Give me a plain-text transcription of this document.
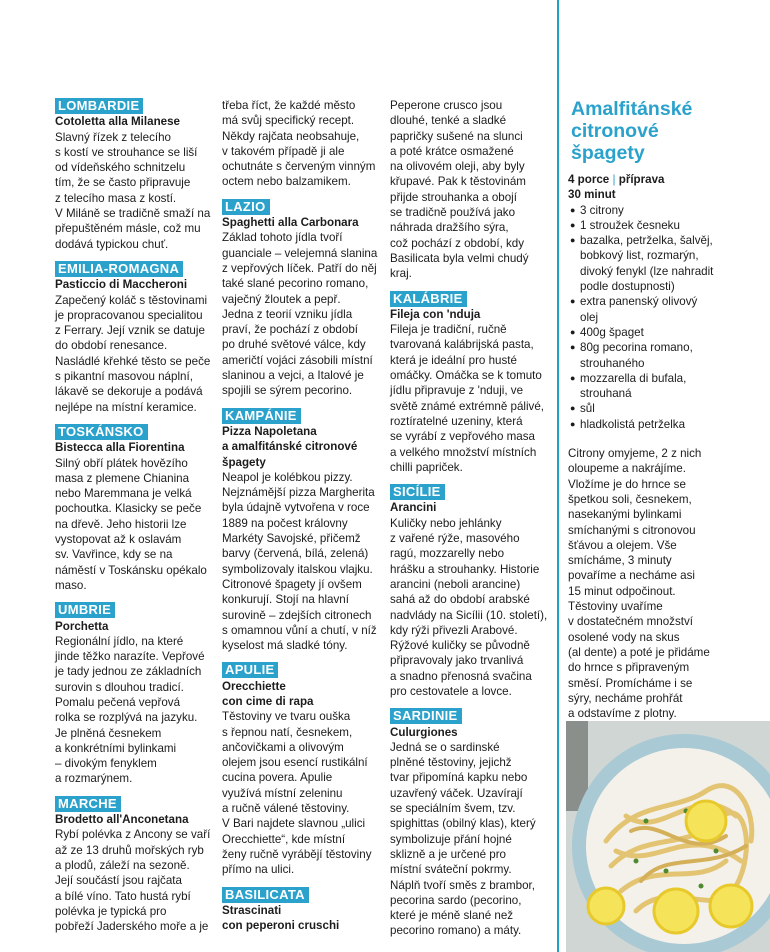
LOMBARDIE

Cotoletta alla Milanese

Slavný řízek z telecího
s kostí ve strouhance se liší
od vídeňského schnitzelu
tím, že se často připravuje
z telecího masa z kostí.
V Miláně se tradičně smaží na
přepuštěném másle, což mu
dodává typickou chuť.

EMILIA-ROMAGNA

Pasticcio di Maccheroni

Zapečený koláč s těstovinami
je propracovanou specialitou
z Ferrary. Její vznik se datuje
do období renesance.
Nasládlé křehké těsto se peče
s pikantní masovou náplní,
lákavě se dekoruje a podává
nejlépe na místní keramice.

TOSKÁNSKO

Bistecca alla Fiorentina

Silný obří plátek hovězího
masa z plemene Chianina
nebo Maremmana je velká
pochoutka. Klasicky se peče
na dřevě. Jeho historii lze
vystopovat až k oslavám
sv. Vavřince, kdy se na
náměstí v Toskánsku opékalo
maso.

UMBRIE

Porchetta

Regionální jídlo, na které
jinde těžko narazíte. Vepřové
je tady jednou ze základních
surovin s dlouhou tradicí.
Pomalu pečená vepřová
rolka se rozplývá na jazyku.
Je plněná česnekem
a konkrétními bylinkami
– divokým fenyklem
a rozmarýnem.

MARCHE

Brodetto all'Anconetana

Rybí polévka z Ancony se vaří
až ze 13 druhů mořských ryb
a plodů, záleží na sezoně.
Její součástí jsou rajčata
a bílé víno. Tato hustá rybí
polévka je typická pro
pobřeží Jaderského moře a je

třeba říct, že každé město
má svůj specifický recept.
Někdy rajčata neobsahuje,
v takovém případě ji ale
ochutnáte s červeným vinným
octem nebo balzamikem.

LAZIO

Spaghetti alla Carbonara

Základ tohoto jídla tvoří
guanciale – velejemná slanina
z vepřových líček. Patří do něj
také slané pecorino romano,
vaječný žloutek a pepř.
Jedna z teorií vzniku jídla
praví, že pochází z období
po druhé světové válce, kdy
američtí vojáci zásobili místní
slaninou a vejci, a Italové je
spojili se sýrem pecorino.

KAMPÁNIE

Pizza Napoletana
a amalfitánské citronové
špagety

Neapol je kolébkou pizzy.
Nejznámější pizza Margherita
byla údajně vytvořena v roce
1889 na počest královny
Markéty Savojské, přičemž
barvy (červená, bílá, zelená)
symbolizovaly italskou vlajku.
Citronové špagety jí ovšem
konkurují. Stojí na hlavní
surovině – zdejších citronech
s omamnou vůní a chutí, v níž
kyselost má sladké tóny.

APULIE

Orecchiette
con cime di rapa

Těstoviny ve tvaru ouška
s řepnou natí, česnekem,
ančovičkami a olivovým
olejem jsou esencí rustikální
cucina povera. Apulie
využívá místní zeleninu
a ručně válené těstoviny.
V Bari najdete slavnou „ulici
Orecchiette“, kde místní
ženy ručně vyrábějí těstoviny
přímo na ulici.

BASILICATA

Strascinati
con peperoni cruschi

Peperone crusco jsou
dlouhé, tenké a sladké
papričky sušené na slunci
a poté krátce osmažené
na olivovém oleji, aby byly
křupavé. Pak k těstovinám
přijde strouhanka a obojí
se tradičně používá jako
náhrada dražšího sýra,
což pochází z období, kdy
Basilicata byla velmi chudý
kraj.

KALÁBRIE

Fileja con 'nduja

Fileja je tradiční, ručně
tvarovaná kalábrijská pasta,
která je ideální pro husté
omáčky. Omáčka se k tomuto
jídlu připravuje z 'nduji, ve
světě známé extrémně pálivé,
roztíratelné uzeniny, která
se vyrábí z vepřového masa
a velkého množství místních
chilli papriček.

SICÍLIE

Arancini

Kuličky nebo jehlánky
z vařené rýže, masového
ragú, mozzarelly nebo
hrášku a strouhanky. Historie
arancini (neboli arancine)
sahá až do období arabské
nadvlády na Sicílii (10. století),
kdy rýži přivezli Arabové.
Rýžové kuličky se původně
připravovaly jako trvanlivá
a snadno přenosná svačina
pro cestovatele a lovce.

SARDINIE

Culurgiones

Jedná se o sardinské
plněné těstoviny, jejichž
tvar připomíná kapku nebo
uzavřený váček. Uzavírají
se speciálním švem, tzv.
spighittas (obilný klas), který
symbolizuje přání hojné
sklizně a je určené pro
místní sváteční pokrmy.
Náplň tvoří směs z brambor,
pecorina sardo (pecorino,
které je méně slané než
pecorino romano) a máty.

Amalfitánské
citronové
špagety

4 porce | příprava
30 minut

● 3 citrony
● 1 stroužek česneku
● bazalka, petrželka, šalvěj,
bobkový list, rozmarýn,
divoký fenykl (lze nahradit
podle dostupnosti)
● extra panenský olivový
olej
● 400g špaget
● 80g pecorina romano,
strouhaného
● mozzarella di bufala,
strouhaná
● sůl
● hladkolistá petrželka

Citrony omyjeme, 2 z nich
oloupeme a nakrájíme.
Vložíme je do hrnce se
špetkou soli, česnekem,
nasekanými bylinkami
smíchanými s citronovou
šťávou a olejem. Vše
smícháme, 3 minuty
povaříme a necháme asi
15 minut odpočinout.
Těstoviny uvaříme
v dostatečném množství
osolené vody na skus
(al dente) a poté je přidáme
do hrnce s připraveným
směsí. Promícháme i se
sýry, necháme prohřát
a odstavíme z plotny.
